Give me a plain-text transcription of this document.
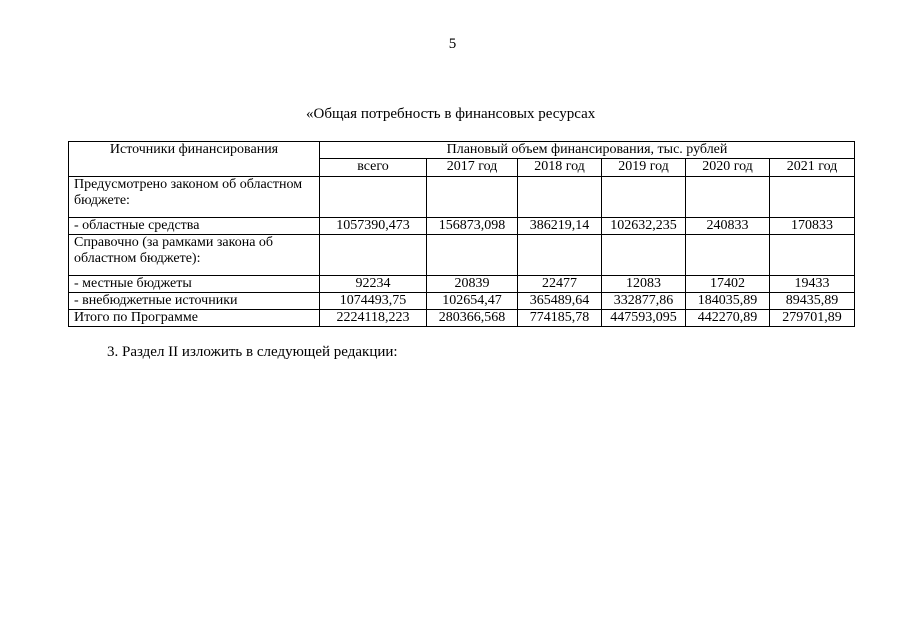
5
«Общая потребность в финансовых ресурсах
Источники финансирования	Плановый объем финансирования, тыс. рублей					
	всего	2017 год	2018 год	2019 год	2020 год	2021 год
Предусмотрено законом об областном бюджете:						
- областные средства	1057390,473	156873,098	386219,14	102632,235	240833	170833
Справочно (за рамками закона об областном бюджете):						
- местные бюджеты	92234	20839	22477	12083	17402	19433
- внебюджетные источники	1074493,75	102654,47	365489,64	332877,86	184035,89	89435,89
Итого по Программе	2224118,223	280366,568	774185,78	447593,095	442270,89	279701,89
3. Раздел II изложить в следующей редакции:
